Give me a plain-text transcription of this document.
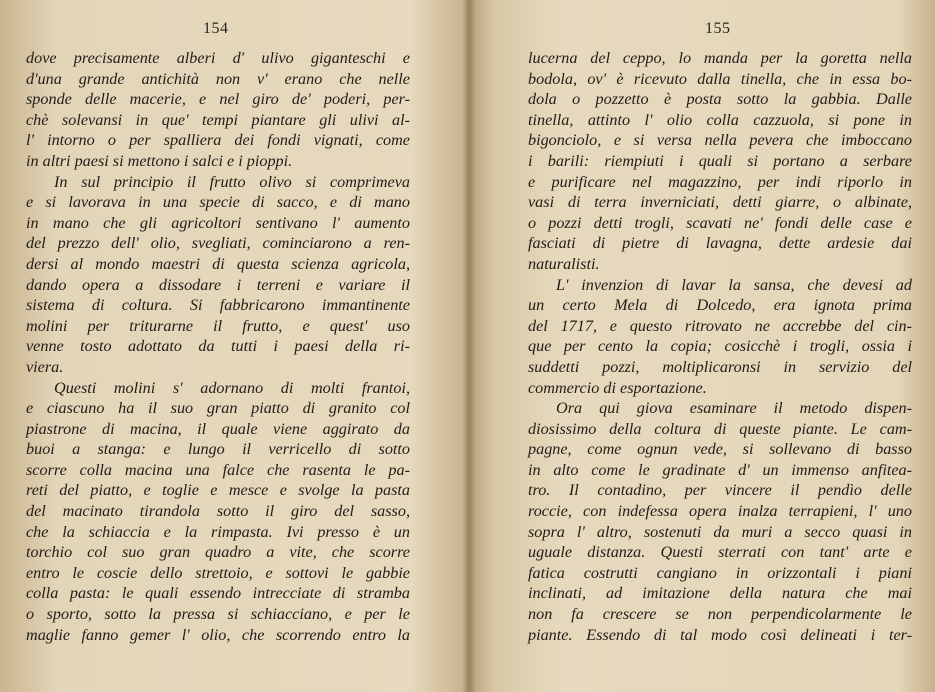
154
dove precisamente alberi d' ulivo giganteschi e
d'una grande antichità non v' erano che nelle
sponde delle macerie, e nel giro de' poderi, per-
chè solevansi in que' tempi piantare gli ulivi al-
l' intorno o per spalliera dei fondi vignati, come
in altri paesi si mettono i salci e i pioppi.
In sul principio il frutto olivo si comprimeva
e si lavorava in una specie di sacco, e di mano
in mano che gli agricoltori sentivano l' aumento
del prezzo dell' olio, svegliati, cominciarono a ren-
dersi al mondo maestri di questa scienza agricola,
dando opera a dissodare i terreni e variare il
sistema di coltura. Si fabbricarono immantinente
molini per triturarne il frutto, e quest' uso
venne tosto adottato da tutti i paesi della ri-
viera.
Questi molini s' adornano di molti frantoi,
e ciascuno ha il suo gran piatto di granito col
piastrone di macina, il quale viene aggirato da
buoi a stanga: e lungo il verricello di sotto
scorre colla macina una falce che rasenta le pa-
reti del piatto, e toglie e mesce e svolge la pasta
del macinato tirandola sotto il giro del sasso,
che la schiaccia e la rimpasta. Ivi presso è un
torchio col suo gran quadro a vite, che scorre
entro le coscie dello strettoio, e sottovi le gabbie
colla pasta: le quali essendo intrecciate di stramba
o sporto, sotto la pressa si schiacciano, e per le
maglie fanno gemer l' olio, che scorrendo entro la
155
lucerna del ceppo, lo manda per la goretta nella
bodola, ov' è ricevuto dalla tinella, che in essa bo-
dola o pozzetto è posta sotto la gabbia. Dalle
tinella, attinto l' olio colla cazzuola, si pone in
bigonciolo, e si versa nella pevera che imboccano
i barili: riempiuti i quali si portano a serbare
e purificare nel magazzino, per indi riporlo in
vasi di terra inverniciati, detti giarre, o albinate,
o pozzi detti trogli, scavati ne' fondi delle case e
fasciati di pietre di lavagna, dette ardesie dai
naturalisti.
L' invenzion di lavar la sansa, che devesi ad
un certo Mela di Dolcedo, era ignota prima
del 1717, e questo ritrovato ne accrebbe del cin-
que per cento la copia; cosicchè i trogli, ossia i
suddetti pozzi, moltiplicaronsi in servizio del
commercio di esportazione.
Ora qui giova esaminare il metodo dispen-
diosissimo della coltura di queste piante. Le cam-
pagne, come ognun vede, si sollevano di basso
in alto come le gradinate d' un immenso anfitea-
tro. Il contadino, per vincere il pendìo delle
roccie, con indefessa opera inalza terrapieni, l' uno
sopra l' altro, sostenuti da muri a secco quasi in
uguale distanza. Questi sterrati con tant' arte e
fatica costrutti cangiano in orizzontali i piani
inclinati, ad imitazione della natura che mai
non fa crescere se non perpendicolarmente le
piante. Essendo di tal modo così delineati i ter-
